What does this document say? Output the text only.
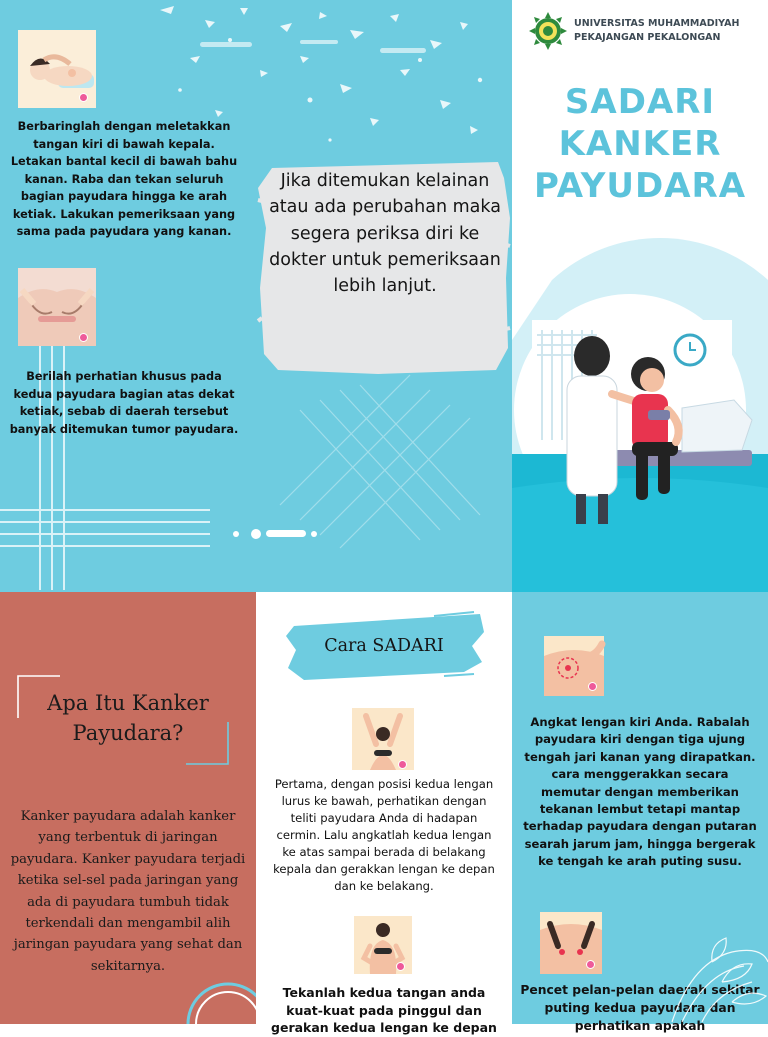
Berbaringlah dengan meletakkan tangan kiri di bawah kepala. Letakan bantal kecil di bawah bahu kanan. Raba dan tekan seluruh bagian payudara hingga ke arah ketiak. Lakukan pemeriksaan yang sama pada payudara yang kanan.
Berilah perhatian khusus pada kedua payudara bagian atas dekat ketiak, sebab di daerah tersebut banyak ditemukan tumor payudara.
Jika ditemukan kelainan atau ada perubahan maka segera periksa diri ke dokter untuk pemeriksaan lebih lanjut.
UNIVERSITAS MUHAMMADIYAH
PEKAJANGAN PEKALONGAN
SADARI
KANKER
PAYUDARA
Apa Itu Kanker Payudara?
Kanker payudara adalah kanker yang terbentuk di jaringan payudara. Kanker payudara terjadi ketika sel-sel pada jaringan yang ada di payudara tumbuh tidak terkendali dan mengambil alih jaringan payudara yang sehat dan sekitarnya.
Cara SADARI
Pertama, dengan posisi kedua lengan lurus ke bawah, perhatikan dengan teliti payudara Anda di hadapan cermin. Lalu angkatlah kedua lengan ke atas sampai berada di belakang kepala dan gerakkan lengan ke depan dan ke belakang.
Tekanlah kedua tangan anda kuat-kuat pada pinggul dan gerakan kedua lengan ke depan
Angkat lengan kiri Anda. Rabalah payudara kiri dengan tiga ujung tengah jari kanan yang dirapatkan. cara menggerakkan secara memutar dengan memberikan tekanan lembut tetapi mantap terhadap payudara dengan putaran searah jarum jam, hingga bergerak ke tengah ke arah puting susu.
Pencet pelan-pelan daerah sekitar puting kedua payudara dan perhatikan apakah
